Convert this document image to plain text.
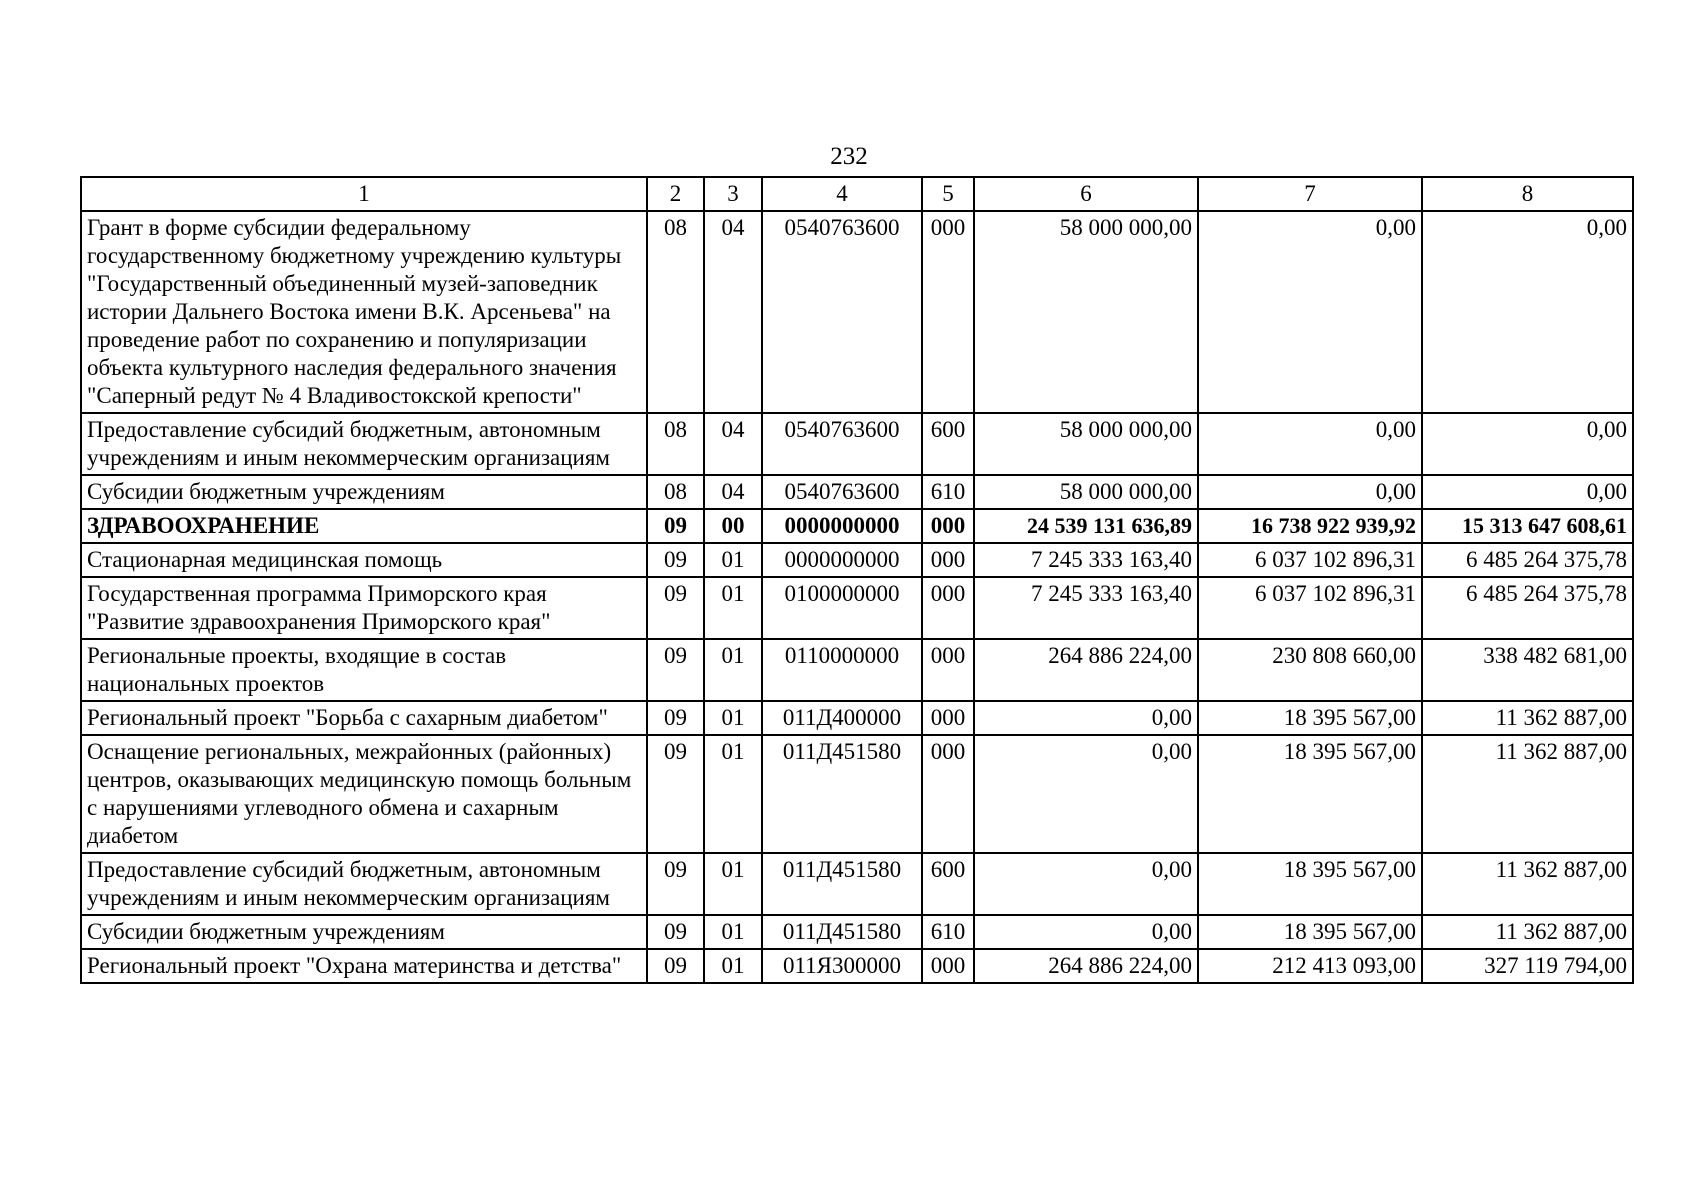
232
1	2	3	4	5	6	7	8
Грант в форме субсидии федеральному государственному бюджетному учреждению культуры "Государственный объединенный музей-заповедник истории Дальнего Востока имени В.К. Арсеньева" на проведение работ по сохранению и популяризации объекта культурного наследия федерального значения "Саперный редут № 4 Владивостокской крепости"	08	04	0540763600	000	58 000 000,00	0,00	0,00
Предоставление субсидий бюджетным, автономным учреждениям и иным некоммерческим организациям	08	04	0540763600	600	58 000 000,00	0,00	0,00
Субсидии бюджетным учреждениям	08	04	0540763600	610	58 000 000,00	0,00	0,00
ЗДРАВООХРАНЕНИЕ	09	00	0000000000	000	24 539 131 636,89	16 738 922 939,92	15 313 647 608,61
Стационарная медицинская помощь	09	01	0000000000	000	7 245 333 163,40	6 037 102 896,31	6 485 264 375,78
Государственная программа Приморского края "Развитие здравоохранения Приморского края"	09	01	0100000000	000	7 245 333 163,40	6 037 102 896,31	6 485 264 375,78
Региональные проекты, входящие в состав национальных проектов	09	01	0110000000	000	264 886 224,00	230 808 660,00	338 482 681,00
Региональный проект "Борьба с сахарным диабетом"	09	01	011Д400000	000	0,00	18 395 567,00	11 362 887,00
Оснащение региональных, межрайонных (районных) центров, оказывающих медицинскую помощь больным с нарушениями углеводного обмена и сахарным диабетом	09	01	011Д451580	000	0,00	18 395 567,00	11 362 887,00
Предоставление субсидий бюджетным, автономным учреждениям и иным некоммерческим организациям	09	01	011Д451580	600	0,00	18 395 567,00	11 362 887,00
Субсидии бюджетным учреждениям	09	01	011Д451580	610	0,00	18 395 567,00	11 362 887,00
Региональный проект "Охрана материнства и детства"	09	01	011Я300000	000	264 886 224,00	212 413 093,00	327 119 794,00
